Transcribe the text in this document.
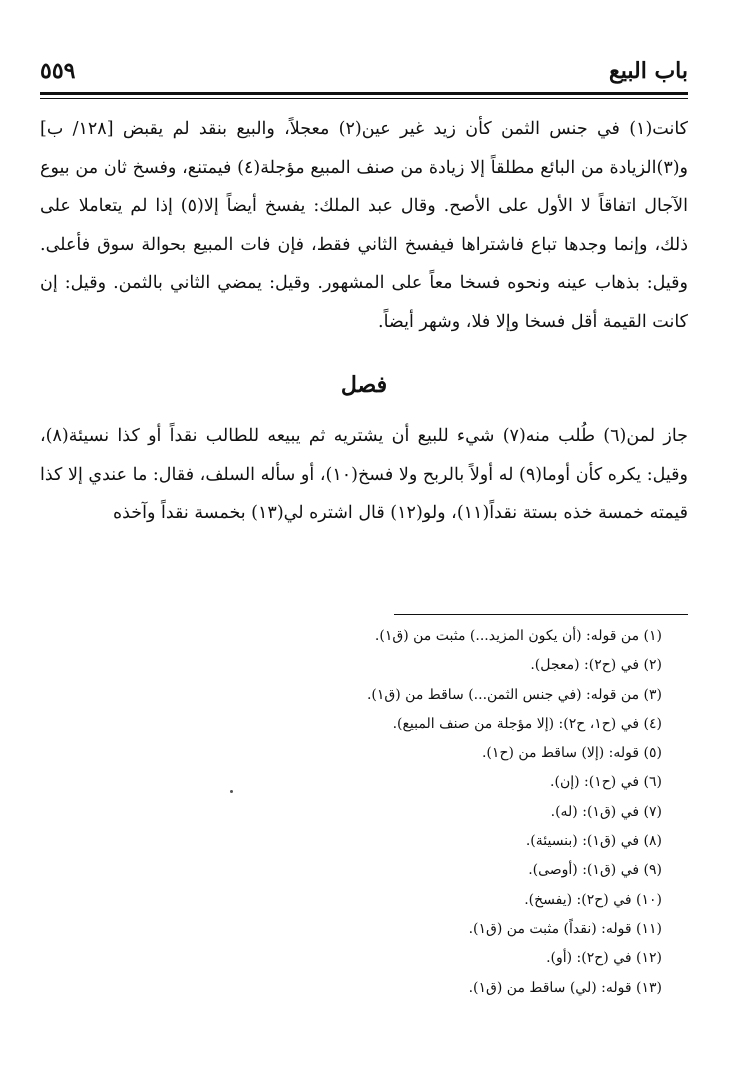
باب البيع
٥٥٩

كانت(١) في جنس الثمن كأن زيد غير عين(٢) معجلاً، والبيع بنقد لم يقبض [١٢٨/ ب] و(٣)الزيادة من البائع مطلقاً إلا زيادة من صنف المبيع مؤجلة(٤) فيمتنع، وفسخ ثان من بيوع الآجال اتفاقاً لا الأول على الأصح. وقال عبد الملك: يفسخ أيضاً إلا(٥) إذا لم يتعاملا على ذلك، وإنما وجدها تباع فاشتراها فيفسخ الثاني فقط، فإن فات المبيع بحوالة سوق فأعلى. وقيل: بذهاب عينه ونحوه فسخا معاً على المشهور. وقيل: يمضي الثاني بالثمن. وقيل: إن كانت القيمة أقل فسخا وإلا فلا، وشهر أيضاً.

فصل

جاز لمن(٦) طُلب منه(٧) شيء للبيع أن يشتريه ثم يبيعه للطالب نقداً أو كذا نسيئة(٨)، وقيل: يكره كأن أوما(٩) له أولاً بالربح ولا فسخ(١٠)، أو سأله السلف، فقال: ما عندي إلا كذا قيمته خمسة خذه بستة نقداً(١١)، ولو(١٢) قال اشتره لي(١٣) بخمسة نقداً وآخذه

(١) من قوله: (أن يكون المزيد...) مثبت من (ق١).
(٢) في (ح٢): (معجل).
(٣) من قوله: (في جنس الثمن...) ساقط من (ق١).
(٤) في (ح١، ح٢): (إلا مؤجلة من صنف المبيع).
(٥) قوله: (إلا) ساقط من (ح١).
(٦) في (ح١): (إن).
(٧) في (ق١): (له).
(٨) في (ق١): (بنسيئة).
(٩) في (ق١): (أوصى).
(١٠) في (ح٢): (يفسخ).
(١١) قوله: (نقداً) مثبت من (ق١).
(١٢) في (ح٢): (أو).
(١٣) قوله: (لي) ساقط من (ق١).
